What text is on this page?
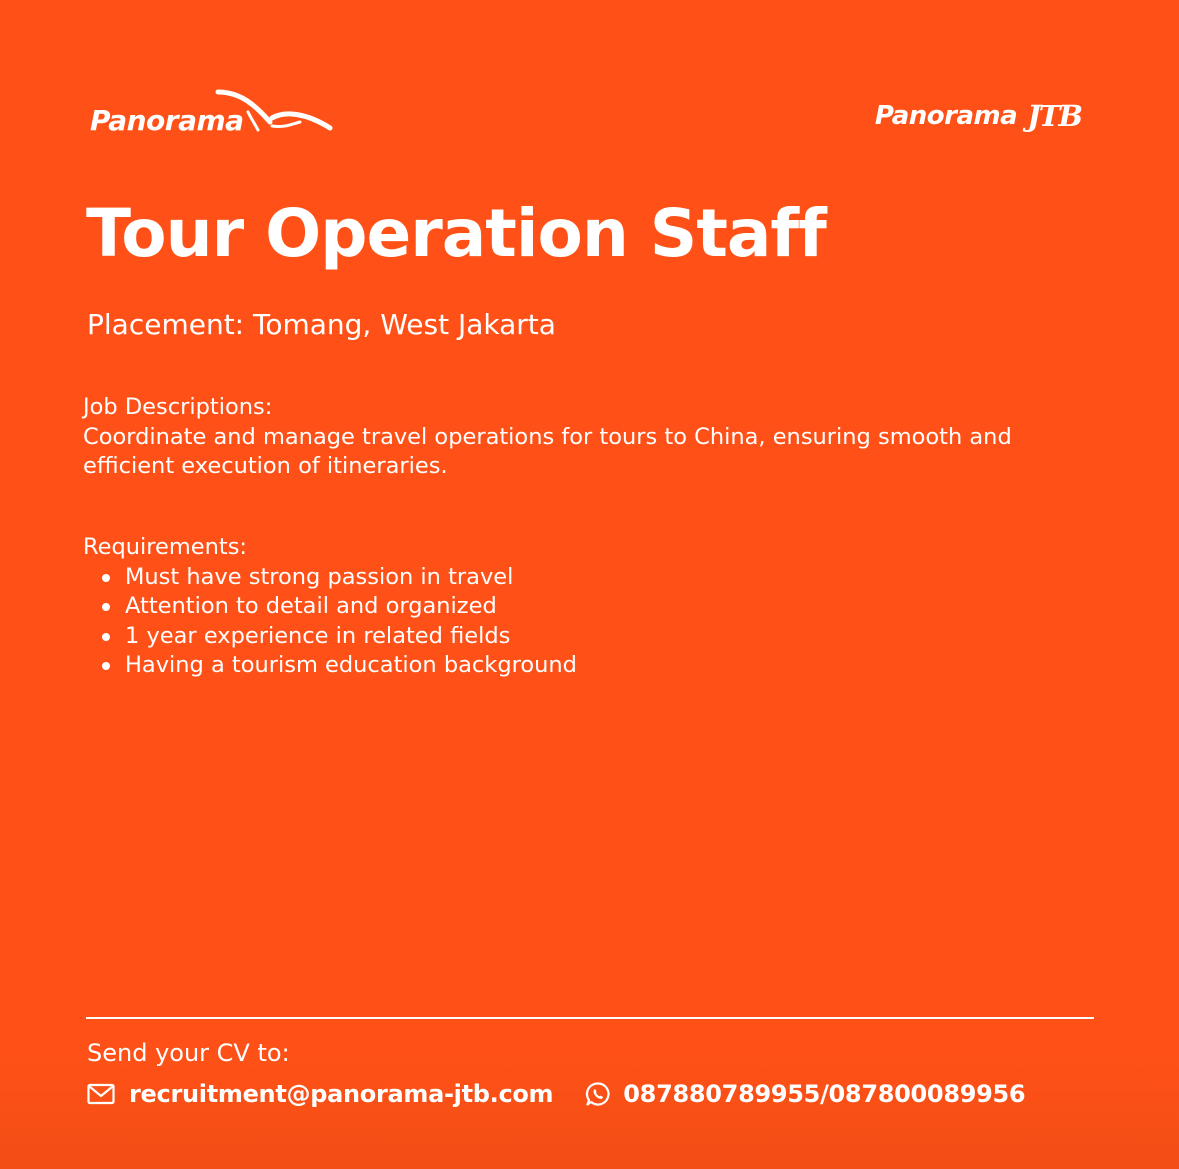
Panorama	Panorama JTB
Tour Operation Staff
Placement: Tomang, West Jakarta

Job Descriptions:

Coordinate and manage travel operations for tours to China, ensuring smooth and efficient execution of itineraries.

Requirements:
Must have strong passion in travel
Attention to detail and organized
1 year experience in related fields
Having a tourism education background
Send your CV to:
recruitment@panorama-jtb.com	087880789955/087800089956
